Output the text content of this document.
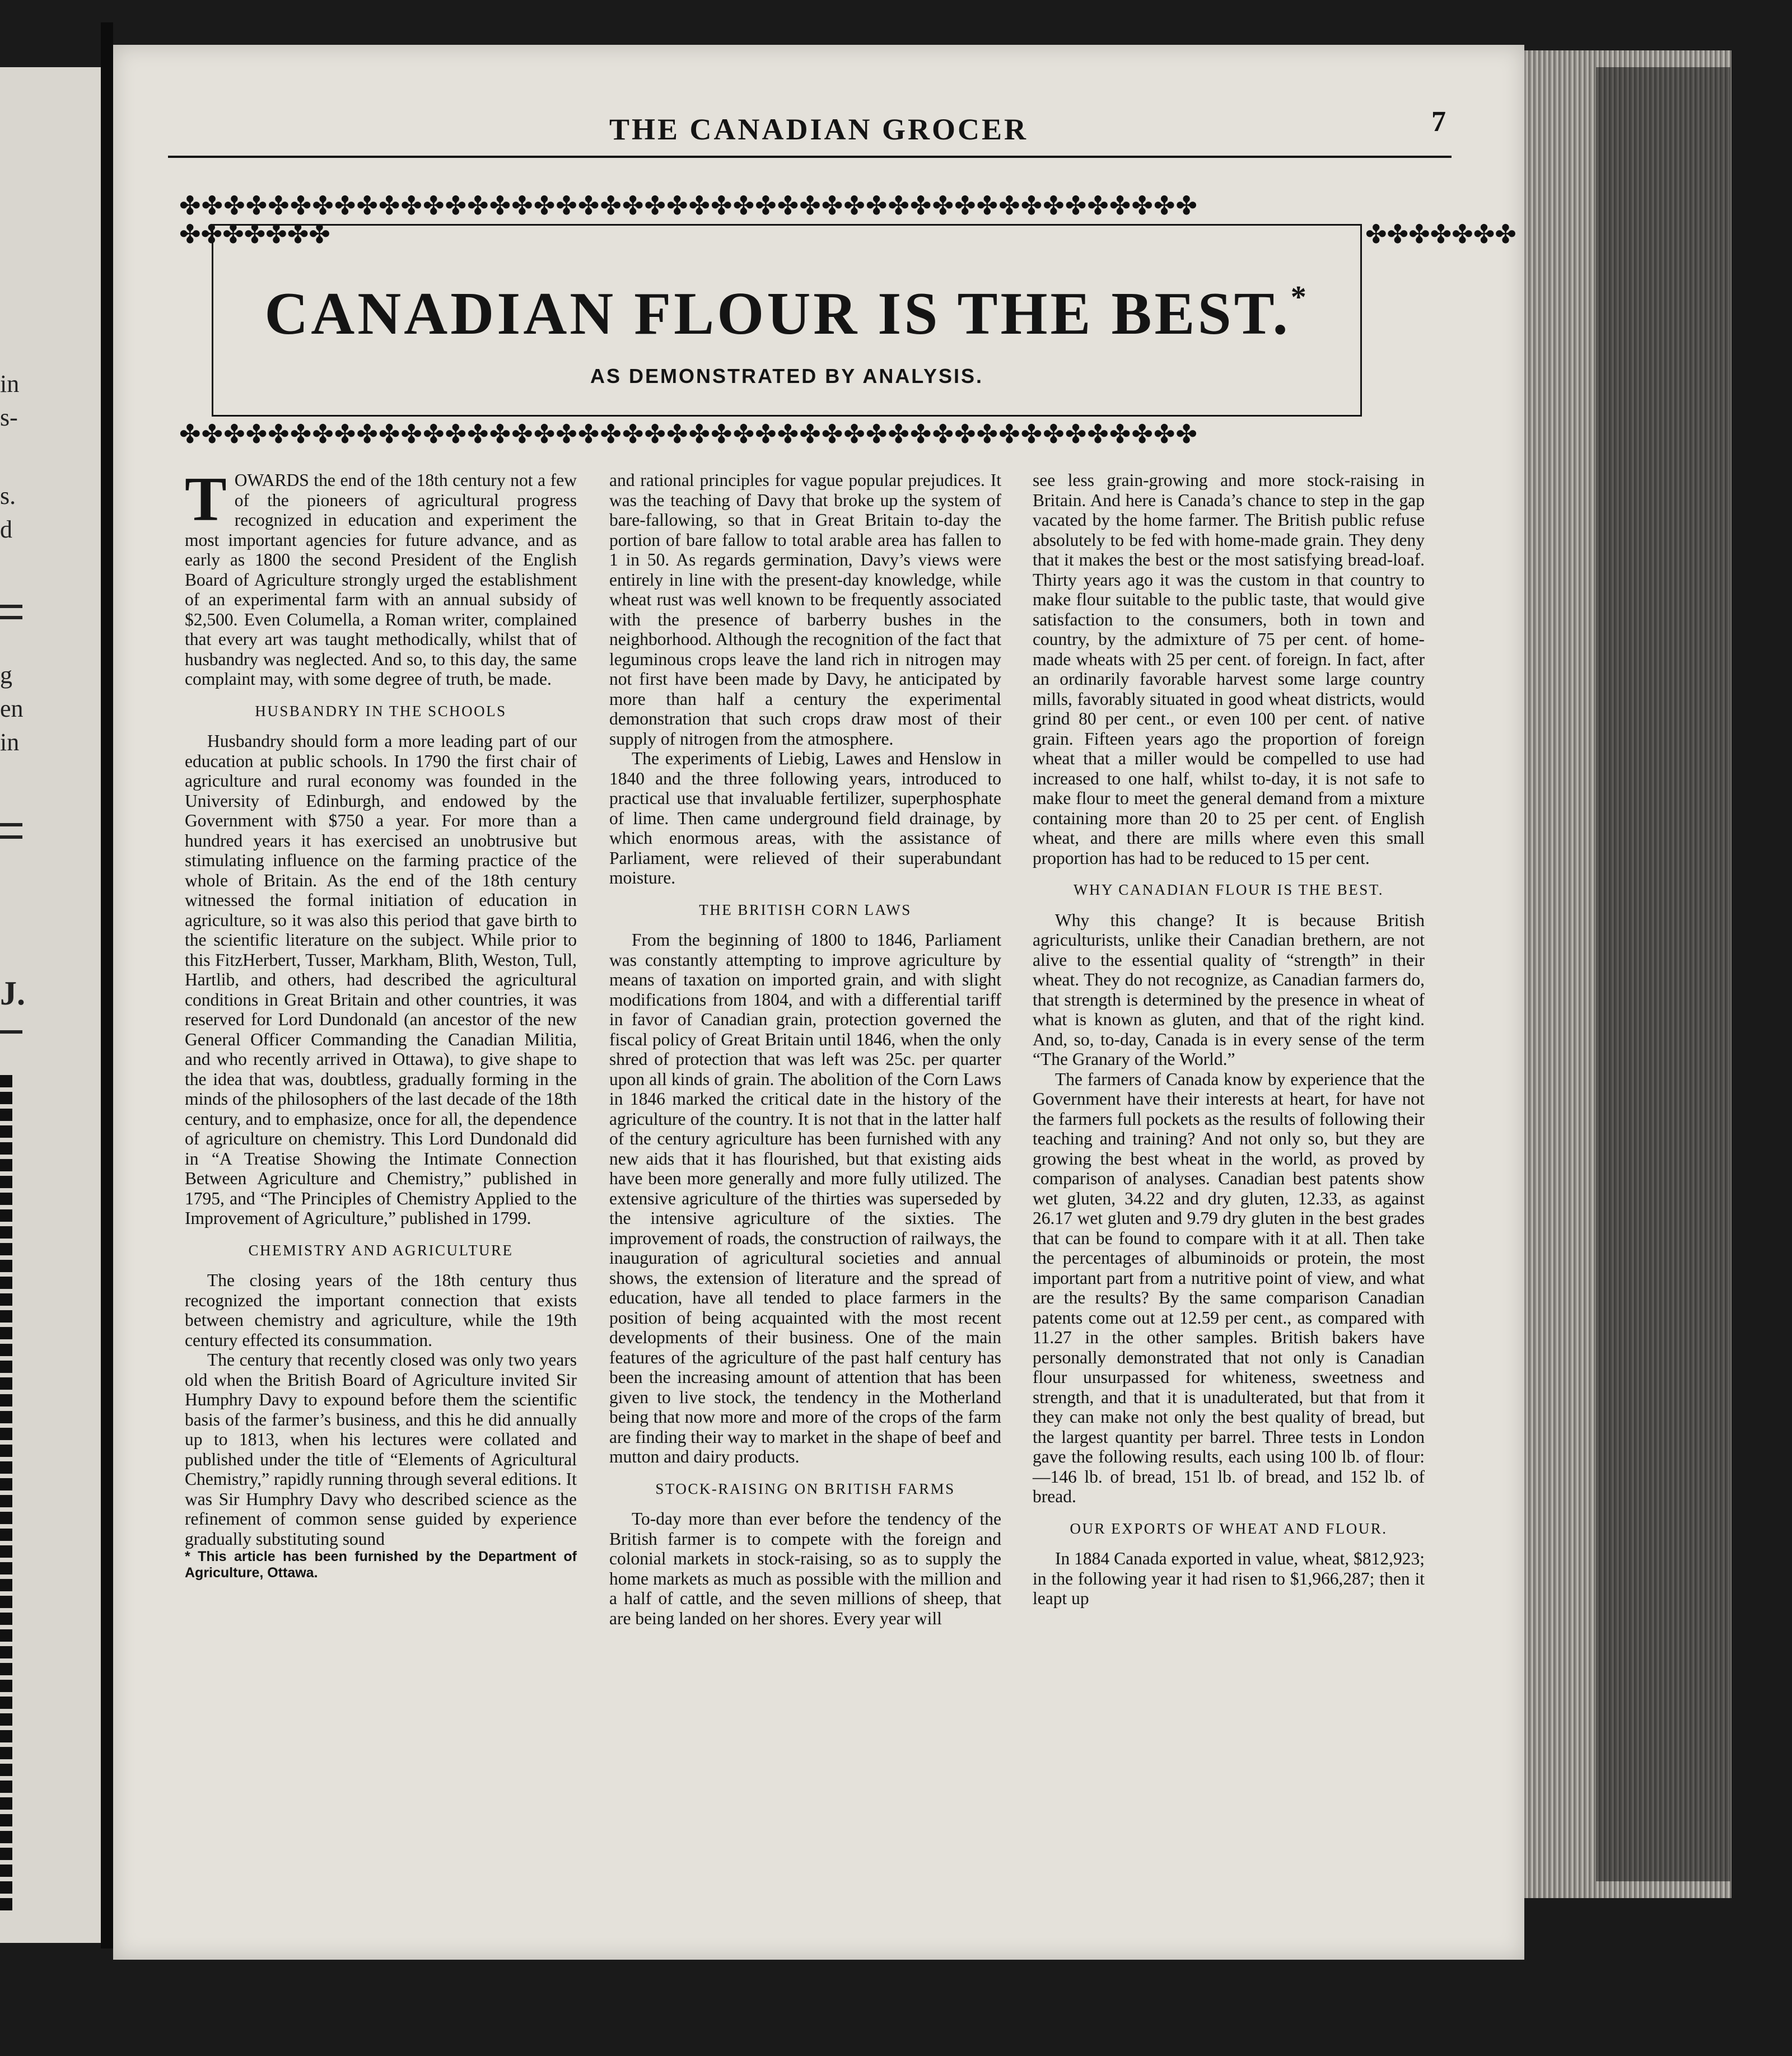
in
s-
s.
d
g
en
in
J.
THE CANADIAN GROCER	7
✤✤✤✤✤✤✤✤✤✤✤✤✤✤✤✤✤✤✤✤✤✤✤✤✤✤✤✤✤✤✤✤✤✤✤✤✤✤✤✤✤✤✤✤✤✤
✤✤✤✤✤✤✤✤✤✤✤✤✤✤✤✤✤✤✤✤✤✤✤✤✤✤✤✤✤✤✤✤✤✤✤✤✤✤✤✤✤✤✤✤✤✤
✤✤✤✤✤✤✤	✤✤✤✤✤✤✤
CANADIAN FLOUR IS THE BEST.*
AS DEMONSTRATED BY ANALYSIS.

TOWARDS the end of the 18th century not a few of the pioneers of agricultural progress recognized in education and experiment the most important agencies for future advance, and as early as 1800 the second President of the English Board of Agriculture strongly urged the establishment of an experimental farm with an annual subsidy of $2,500. Even Columella, a Roman writer, complained that every art was taught methodically, whilst that of husbandry was neglected. And so, to this day, the same complaint may, with some degree of truth, be made.

HUSBANDRY IN THE SCHOOLS

Husbandry should form a more leading part of our education at public schools. In 1790 the first chair of agriculture and rural economy was founded in the University of Edinburgh, and endowed by the Government with $750 a year. For more than a hundred years it has exercised an unobtrusive but stimulating influence on the farming practice of the whole of Britain. As the end of the 18th century witnessed the formal initiation of education in agriculture, so it was also this period that gave birth to the scientific literature on the subject. While prior to this FitzHerbert, Tusser, Markham, Blith, Weston, Tull, Hartlib, and others, had described the agricultural conditions in Great Britain and other countries, it was reserved for Lord Dundonald (an ancestor of the new General Officer Commanding the Canadian Militia, and who recently arrived in Ottawa), to give shape to the idea that was, doubtless, gradually forming in the minds of the philosophers of the last decade of the 18th century, and to emphasize, once for all, the dependence of agriculture on chemistry. This Lord Dundonald did in “A Treatise Showing the Intimate Connection Between Agriculture and Chemistry,” published in 1795, and “The Principles of Chemistry Applied to the Improvement of Agriculture,” published in 1799.

CHEMISTRY AND AGRICULTURE

The closing years of the 18th century thus recognized the important connection that exists between chemistry and agriculture, while the 19th century effected its consummation.

The century that recently closed was only two years old when the British Board of Agriculture invited Sir Humphry Davy to expound before them the scientific basis of the farmer’s business, and this he did annually up to 1813, when his lectures were collated and published under the title of “Elements of Agricultural Chemistry,” rapidly running through several editions. It was Sir Humphry Davy who described science as the refinement of common sense guided by experience gradually substituting sound

* This article has been furnished by the Department of Agriculture, Ottawa.

and rational principles for vague popular prejudices. It was the teaching of Davy that broke up the system of bare-fallowing, so that in Great Britain to-day the portion of bare fallow to total arable area has fallen to 1 in 50. As regards germination, Davy’s views were entirely in line with the present-day knowledge, while wheat rust was well known to be frequently associated with the presence of barberry bushes in the neighborhood. Although the recognition of the fact that leguminous crops leave the land rich in nitrogen may not first have been made by Davy, he anticipated by more than half a century the experimental demonstration that such crops draw most of their supply of nitrogen from the atmosphere.

The experiments of Liebig, Lawes and Henslow in 1840 and the three following years, introduced to practical use that invaluable fertilizer, superphosphate of lime. Then came underground field drainage, by which enormous areas, with the assistance of Parliament, were relieved of their superabundant moisture.

THE BRITISH CORN LAWS

From the beginning of 1800 to 1846, Parliament was constantly attempting to improve agriculture by means of taxation on imported grain, and with slight modifications from 1804, and with a differential tariff in favor of Canadian grain, protection governed the fiscal policy of Great Britain until 1846, when the only shred of protection that was left was 25c. per quarter upon all kinds of grain. The abolition of the Corn Laws in 1846 marked the critical date in the history of the agriculture of the country. It is not that in the latter half of the century agriculture has been furnished with any new aids that it has flourished, but that existing aids have been more generally and more fully utilized. The extensive agriculture of the thirties was superseded by the intensive agriculture of the sixties. The improvement of roads, the construction of railways, the inauguration of agricultural societies and annual shows, the extension of literature and the spread of education, have all tended to place farmers in the position of being acquainted with the most recent developments of their business. One of the main features of the agriculture of the past half century has been the increasing amount of attention that has been given to live stock, the tendency in the Motherland being that now more and more of the crops of the farm are finding their way to market in the shape of beef and mutton and dairy products.

STOCK-RAISING ON BRITISH FARMS

To-day more than ever before the tendency of the British farmer is to compete with the foreign and colonial markets in stock-raising, so as to supply the home markets as much as possible with the million and a half of cattle, and the seven millions of sheep, that are being landed on her shores. Every year will

see less grain-growing and more stock-raising in Britain. And here is Canada’s chance to step in the gap vacated by the home farmer. The British public refuse absolutely to be fed with home-made grain. They deny that it makes the best or the most satisfying bread-loaf. Thirty years ago it was the custom in that country to make flour suitable to the public taste, that would give satisfaction to the consumers, both in town and country, by the admixture of 75 per cent. of home-made wheats with 25 per cent. of foreign. In fact, after an ordinarily favorable harvest some large country mills, favorably situated in good wheat districts, would grind 80 per cent., or even 100 per cent. of native grain. Fifteen years ago the proportion of foreign wheat that a miller would be compelled to use had increased to one half, whilst to-day, it is not safe to make flour to meet the general demand from a mixture containing more than 20 to 25 per cent. of English wheat, and there are mills where even this small proportion has had to be reduced to 15 per cent.

WHY CANADIAN FLOUR IS THE BEST.

Why this change? It is because British agriculturists, unlike their Canadian brethern, are not alive to the essential quality of “strength” in their wheat. They do not recognize, as Canadian farmers do, that strength is determined by the presence in wheat of what is known as gluten, and that of the right kind. And, so, to-day, Canada is in every sense of the term “The Granary of the World.”

The farmers of Canada know by experience that the Government have their interests at heart, for have not the farmers full pockets as the results of following their teaching and training? And not only so, but they are growing the best wheat in the world, as proved by comparison of analyses. Canadian best patents show wet gluten, 34.22 and dry gluten, 12.33, as against 26.17 wet gluten and 9.79 dry gluten in the best grades that can be found to compare with it at all. Then take the percentages of albuminoids or protein, the most important part from a nutritive point of view, and what are the results? By the same comparison Canadian patents come out at 12.59 per cent., as compared with 11.27 in the other samples. British bakers have personally demonstrated that not only is Canadian flour unsurpassed for whiteness, sweetness and strength, and that it is unadulterated, but that from it they can make not only the best quality of bread, but the largest quantity per barrel. Three tests in London gave the following results, each using 100 lb. of flour:—146 lb. of bread, 151 lb. of bread, and 152 lb. of bread.

OUR EXPORTS OF WHEAT AND FLOUR.

In 1884 Canada exported in value, wheat, $812,923; in the following year it had risen to $1,966,287; then it leapt up
